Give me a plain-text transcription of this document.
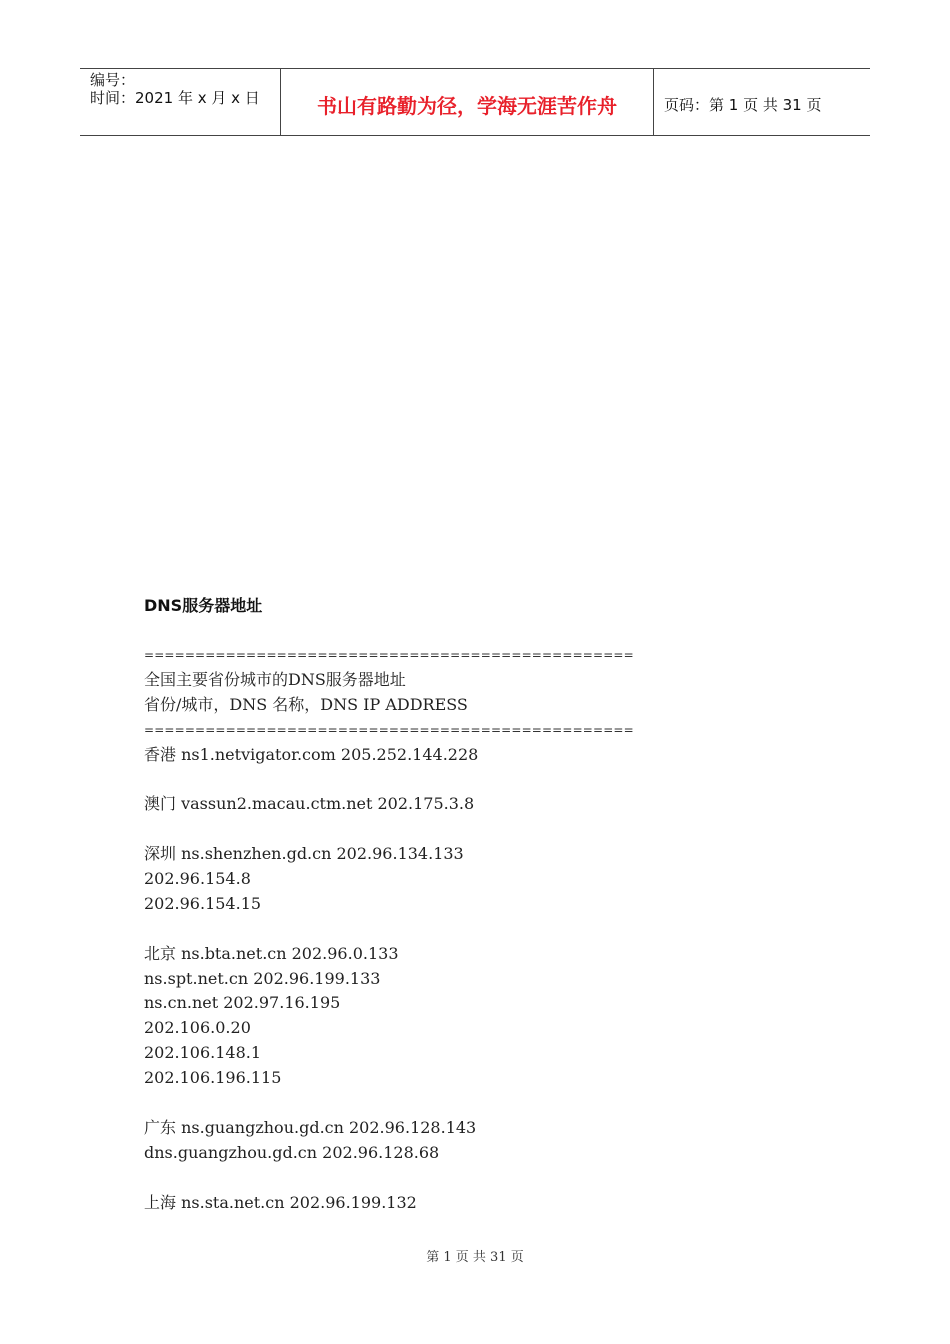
编号：
时间：2021 年 x 月 x 日	书山有路勤为径，学海无涯苦作舟	页码：第 1 页 共 31 页
DNS服务器地址
================================================
全国主要省份城市的DNS服务器地址
省份/城市，DNS 名称，DNS IP ADDRESS
================================================
香港 ns1.netvigator.com 205.252.144.228
澳门 vassun2.macau.ctm.net 202.175.3.8
深圳 ns.shenzhen.gd.cn 202.96.134.133
202.96.154.8
202.96.154.15
北京 ns.bta.net.cn 202.96.0.133
ns.spt.net.cn 202.96.199.133
ns.cn.net 202.97.16.195
202.106.0.20
202.106.148.1
202.106.196.115
广东 ns.guangzhou.gd.cn 202.96.128.143
dns.guangzhou.gd.cn 202.96.128.68
上海 ns.sta.net.cn 202.96.199.132
第 1 页 共 31 页
